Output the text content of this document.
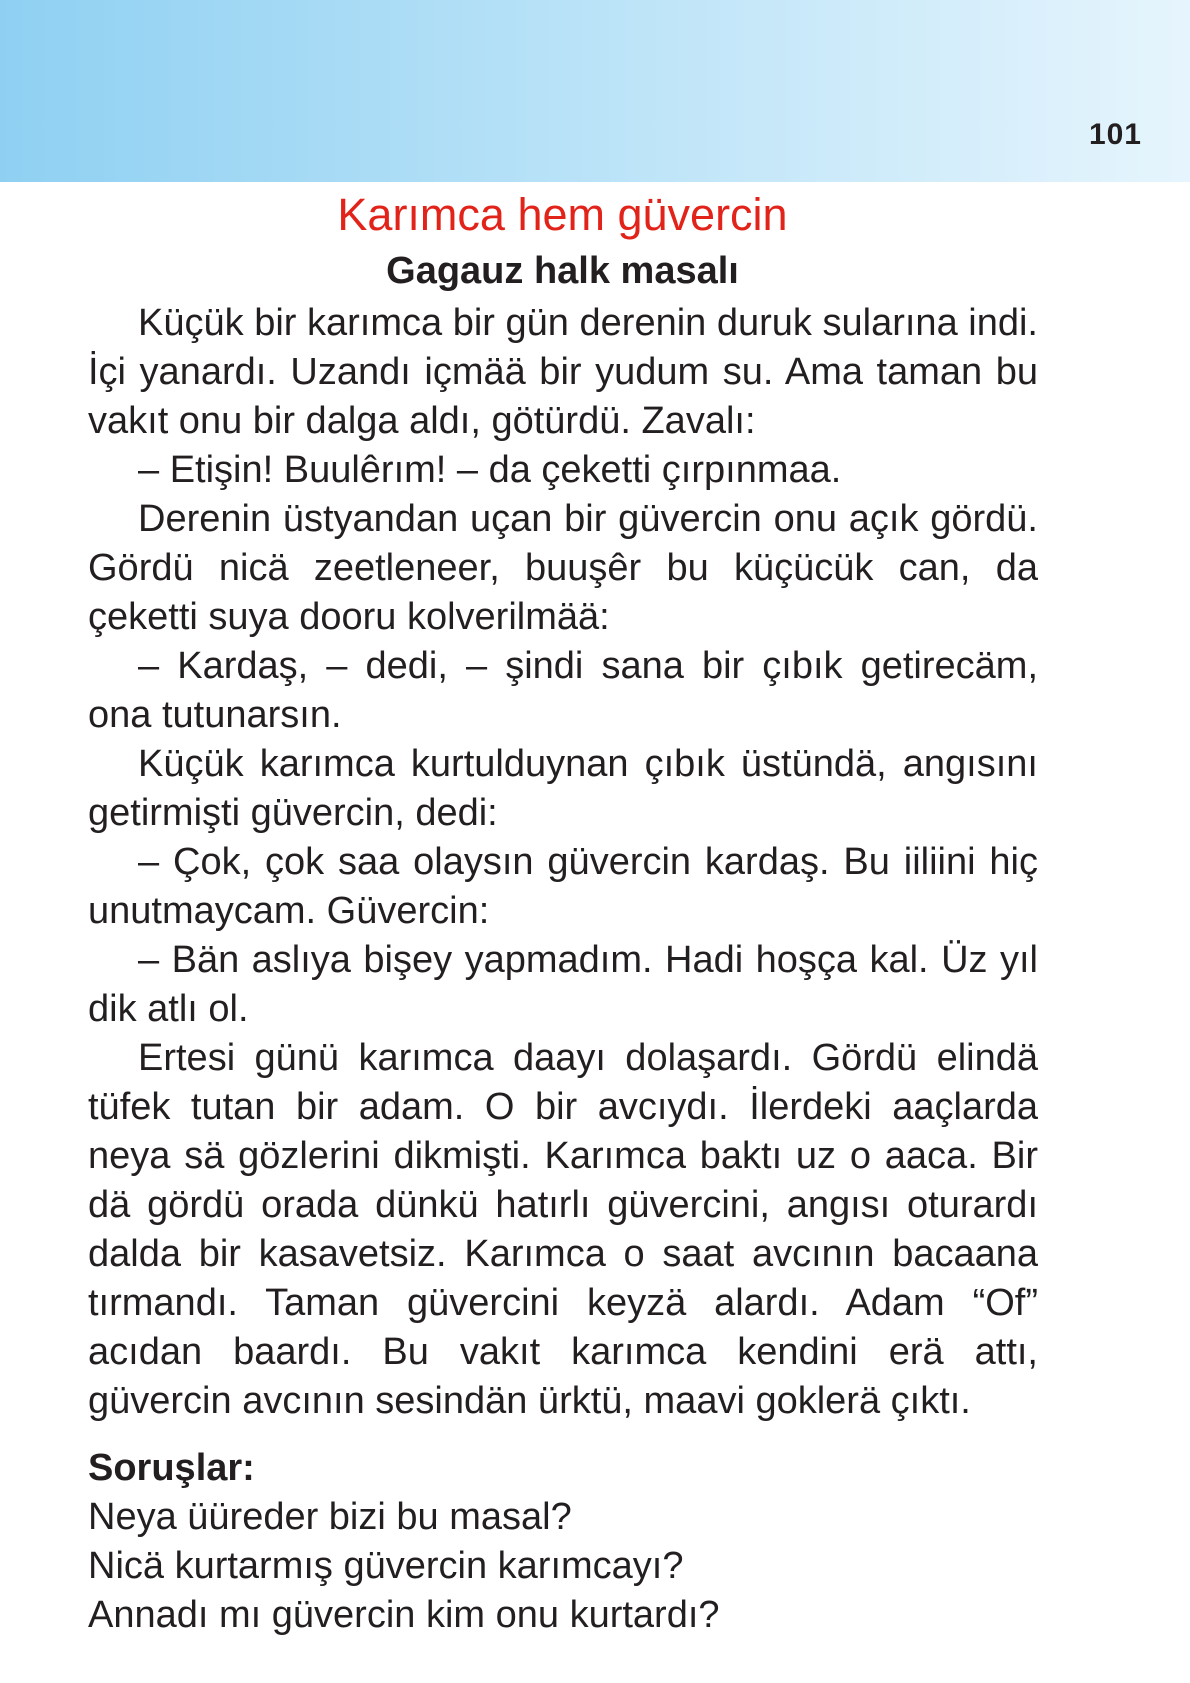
101
Karımca hem güvercin
Gagauz halk masalı

Küçük bir karımca bir gün derenin duruk sularına indi. İçi yanardı. Uzandı içmää bir yudum su. Ama taman bu vakıt onu bir dalga aldı, götürdü. Zavalı:

– Etişin! Buulêrım! – da çeketti çırpınmaa.

Derenin üstyandan uçan bir güvercin onu açık gördü. Gördü nicä zeetleneer, buuşêr bu küçücük can, da çeketti suya dooru kolverilmää:

– Kardaş, – dedi, – şindi sana bir çıbık getirecäm, ona tutunarsın.

Küçük karımca kurtulduynan çıbık üstündä, angısını getirmişti güvercin, dedi:

– Çok, çok saa olaysın güvercin kardaş. Bu iiliini hiç unutmaycam. Güvercin:

– Bän aslıya bişey yapmadım. Hadi hoşça kal. Üz yıl dik atlı ol.

Ertesi günü karımca daayı dolaşardı. Gördü elindä tüfek tutan bir adam. O bir avcıydı. İlerdeki aaçlarda neya sä gözlerini dikmişti. Karımca baktı uz o aaca. Bir dä gördü orada dünkü hatırlı güvercini, angısı oturardı dalda bir kasavetsiz. Karımca o saat avcının bacaana tırmandı. Taman güvercini keyzä alardı. Adam “Of” acıdan baardı. Bu vakıt karımca kendini erä attı, güvercin avcının sesindän ürktü, maavi goklerä çıktı.

Soruşlar:
Neya üüreder bizi bu masal?
Nicä kurtarmış güvercin karımcayı?
Annadı mı güvercin kim onu kurtardı?
